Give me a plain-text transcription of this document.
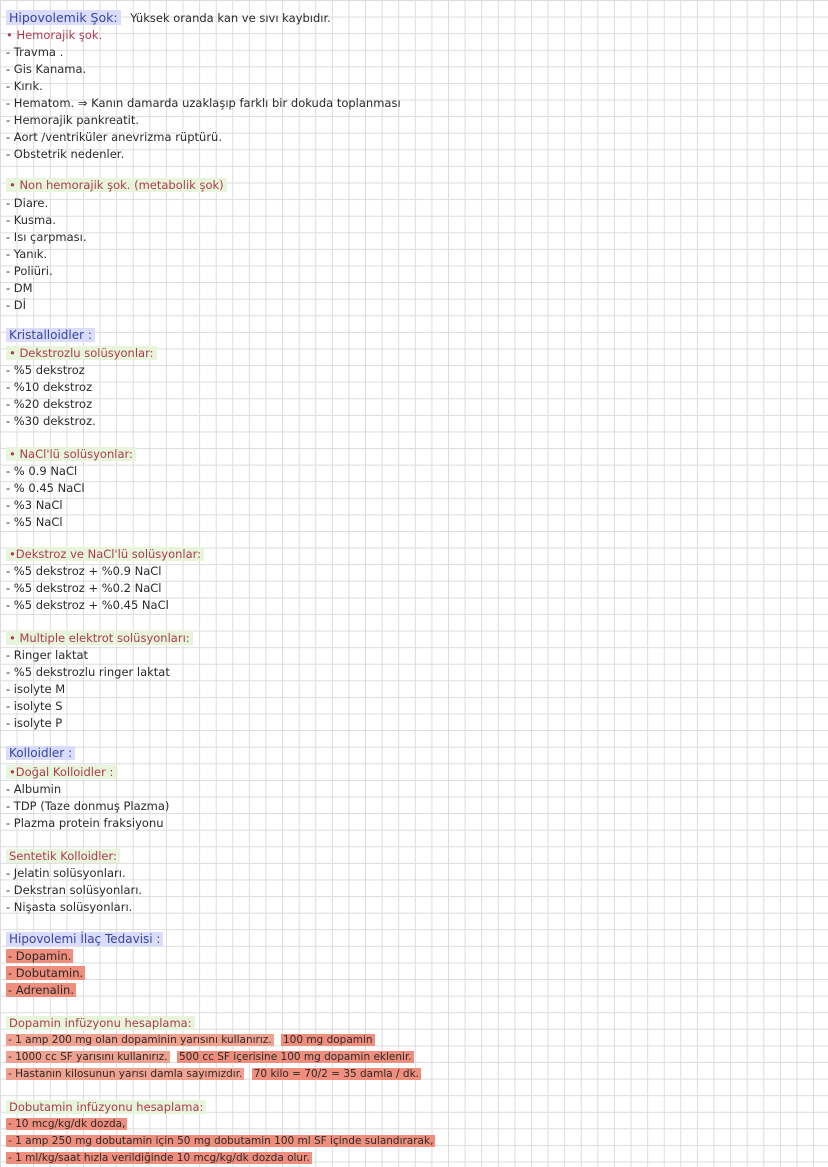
Hipovolemik Şok: Yüksek oranda kan ve sıvı kaybıdır.
• Hemorajik şok.
- Travma .
- Gis Kanama.
- Kırık.
- Hematom. ⇒ Kanın damarda uzaklaşıp farklı bir dokuda toplanması
- Hemorajik pankreatit.
- Aort /ventriküler anevrizma rüptürü.
- Obstetrik nedenler.
• Non hemorajik şok. (metabolik şok)
- Diare.
- Kusma.
- Isı çarpması.
- Yanık.
- Poliüri.
- DM
- Dİ
Kristalloidler :
• Dekstrozlu solüsyonlar:
- %5 dekstroz
- %10 dekstroz
- %20 dekstroz
- %30 dekstroz.
• NaCl'lü solüsyonlar:
- % 0.9 NaCl
- % 0.45 NaCl
- %3 NaCl
- %5 NaCl
•Dekstroz ve NaCl'lü solüsyonlar:
- %5 dekstroz + %0.9 NaCl
- %5 dekstroz + %0.2 NaCl
- %5 dekstroz + %0.45 NaCl
• Multiple elektrot solüsyonları:
- Ringer laktat
- %5 dekstrozlu ringer laktat
- isolyte M
- isolyte S
- isolyte P
Kolloidler :
•Doğal Kolloidler :
- Albumin
- TDP (Taze donmuş Plazma)
- Plazma protein fraksiyonu
Sentetik Kolloidler:
- Jelatin solüsyonları.
- Dekstran solüsyonları.
- Nişasta solüsyonları.
Hipovolemi İlaç Tedavisi :
- Dopamin.
- Dobutamin.
- Adrenalin.
Dopamin infüzyonu hesaplama:
- 1 amp 200 mg olan dopaminin yarısını kullanırız. 100 mg dopamin
- 1000 cc SF yarısını kullanırız. 500 cc SF içerisine 100 mg dopamin eklenir.
- Hastanın kilosunun yarısı damla sayımızdır. 70 kilo = 70/2 = 35 damla / dk.
Dobutamin infüzyonu hesaplama:
- 10 mcg/kg/dk dozda,
- 1 amp 250 mg dobutamin için 50 mg dobutamin 100 ml SF içinde sulandırarak,
- 1 ml/kg/saat hızla verildiğinde 10 mcg/kg/dk dozda olur.
